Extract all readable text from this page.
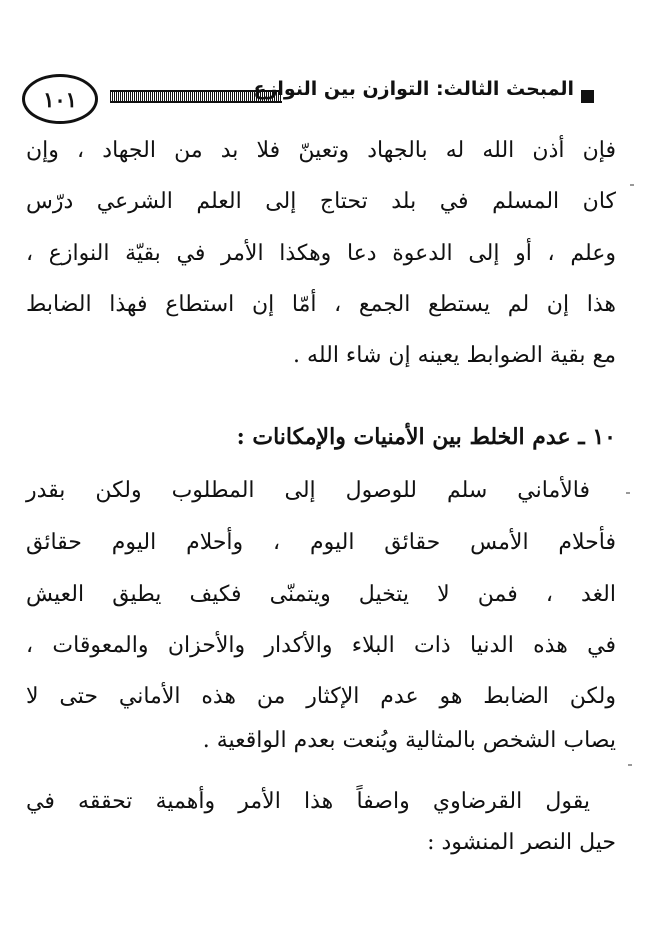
١٠١	المبحث الثالث: التوازن بين النوازع
فإن أذن الله له بالجهاد وتعينّ فلا بد من الجهاد ، وإن
كان المسلم في بلد تحتاج إلى العلم الشرعي درّس
وعلم ، أو إلى الدعوة دعا وهكذا الأمر في بقيّة النوازع ،
هذا إن لم يستطع الجمع ، أمّا إن استطاع فهذا الضابط
مع بقية الضوابط يعينه إن شاء الله .
١٠ ـ عدم الخلط بين الأمنيات والإمكانات :
فالأماني سلم للوصول إلى المطلوب ولكن بقدر
فأحلام الأمس حقائق اليوم ، وأحلام اليوم حقائق
الغد ، فمن لا يتخيل ويتمنّى فكيف يطيق العيش
في هذه الدنيا ذات البلاء والأكدار والأحزان والمعوقات ،
ولكن الضابط هو عدم الإكثار من هذه الأماني حتى لا
يصاب الشخص بالمثالية ويُنعت بعدم الواقعية .
يقول القرضاوي واصفاً هذا الأمر وأهمية تحققه في
حيل النصر المنشود :
